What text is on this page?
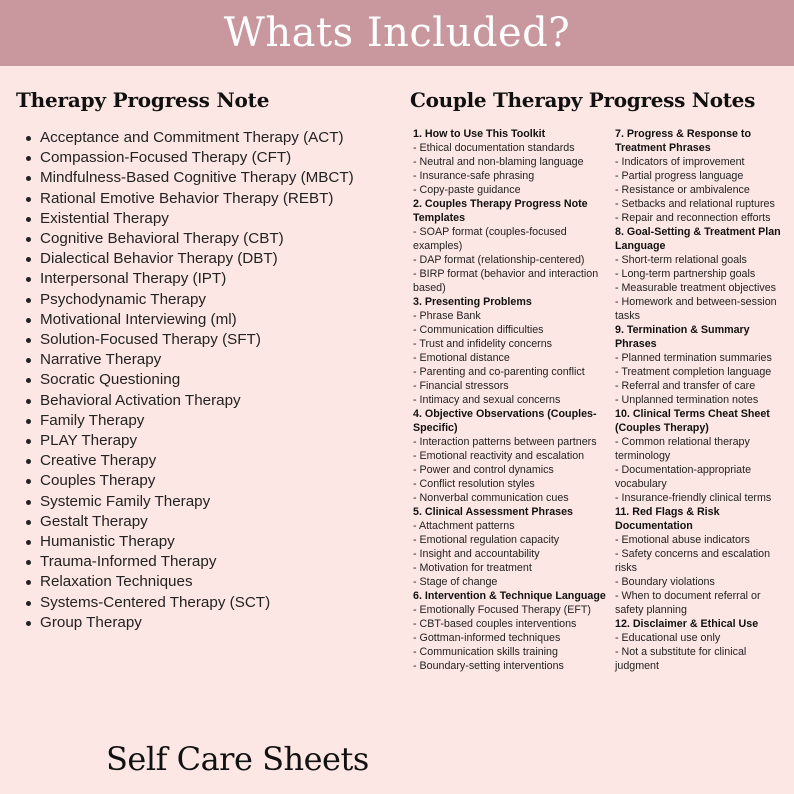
Whats Included?
Therapy Progress Note
Acceptance and Commitment Therapy (ACT)
Compassion-Focused Therapy (CFT)
Mindfulness-Based Cognitive Therapy (MBCT)
Rational Emotive Behavior Therapy (REBT)
Existential Therapy
Cognitive Behavioral Therapy (CBT)
Dialectical Behavior Therapy (DBT)
Interpersonal Therapy (IPT)
Psychodynamic Therapy
Motivational Interviewing (ml)
Solution-Focused Therapy (SFT)
Narrative Therapy
Socratic Questioning
Behavioral Activation Therapy
Family Therapy
PLAY Therapy
Creative Therapy
Couples Therapy
Systemic Family Therapy
Gestalt Therapy
Humanistic Therapy
Trauma-Informed Therapy
Relaxation Techniques
Systems-Centered Therapy (SCT)
Group Therapy
Self Care Sheets
Couple Therapy Progress Notes
1. How to Use This Toolkit
- Ethical documentation standards
- Neutral and non-blaming language
- Insurance-safe phrasing
- Copy-paste guidance
2. Couples Therapy Progress Note Templates
- SOAP format (couples-focused examples)
- DAP format (relationship-centered)
- BIRP format (behavior and interaction based)
3. Presenting Problems
- Phrase Bank
- Communication difficulties
- Trust and infidelity concerns
- Emotional distance
- Parenting and co-parenting conflict
- Financial stressors
- Intimacy and sexual concerns
4. Objective Observations (Couples-Specific)
- Interaction patterns between partners
- Emotional reactivity and escalation
- Power and control dynamics
- Conflict resolution styles
- Nonverbal communication cues
5. Clinical Assessment Phrases
- Attachment patterns
- Emotional regulation capacity
- Insight and accountability
- Motivation for treatment
- Stage of change
6. Intervention & Technique Language
- Emotionally Focused Therapy (EFT)
- CBT-based couples interventions
- Gottman-informed techniques
- Communication skills training
- Boundary-setting interventions
7. Progress & Response to Treatment Phrases
- Indicators of improvement
- Partial progress language
- Resistance or ambivalence
- Setbacks and relational ruptures
- Repair and reconnection efforts
8. Goal-Setting & Treatment Plan Language
- Short-term relational goals
- Long-term partnership goals
- Measurable treatment objectives
- Homework and between-session tasks
9. Termination & Summary Phrases
- Planned termination summaries
- Treatment completion language
- Referral and transfer of care
- Unplanned termination notes
10. Clinical Terms Cheat Sheet (Couples Therapy)
- Common relational therapy terminology
- Documentation-appropriate vocabulary
- Insurance-friendly clinical terms
11. Red Flags & Risk Documentation
- Emotional abuse indicators
- Safety concerns and escalation risks
- Boundary violations
- When to document referral or safety planning
12. Disclaimer & Ethical Use
- Educational use only
- Not a substitute for clinical judgment
